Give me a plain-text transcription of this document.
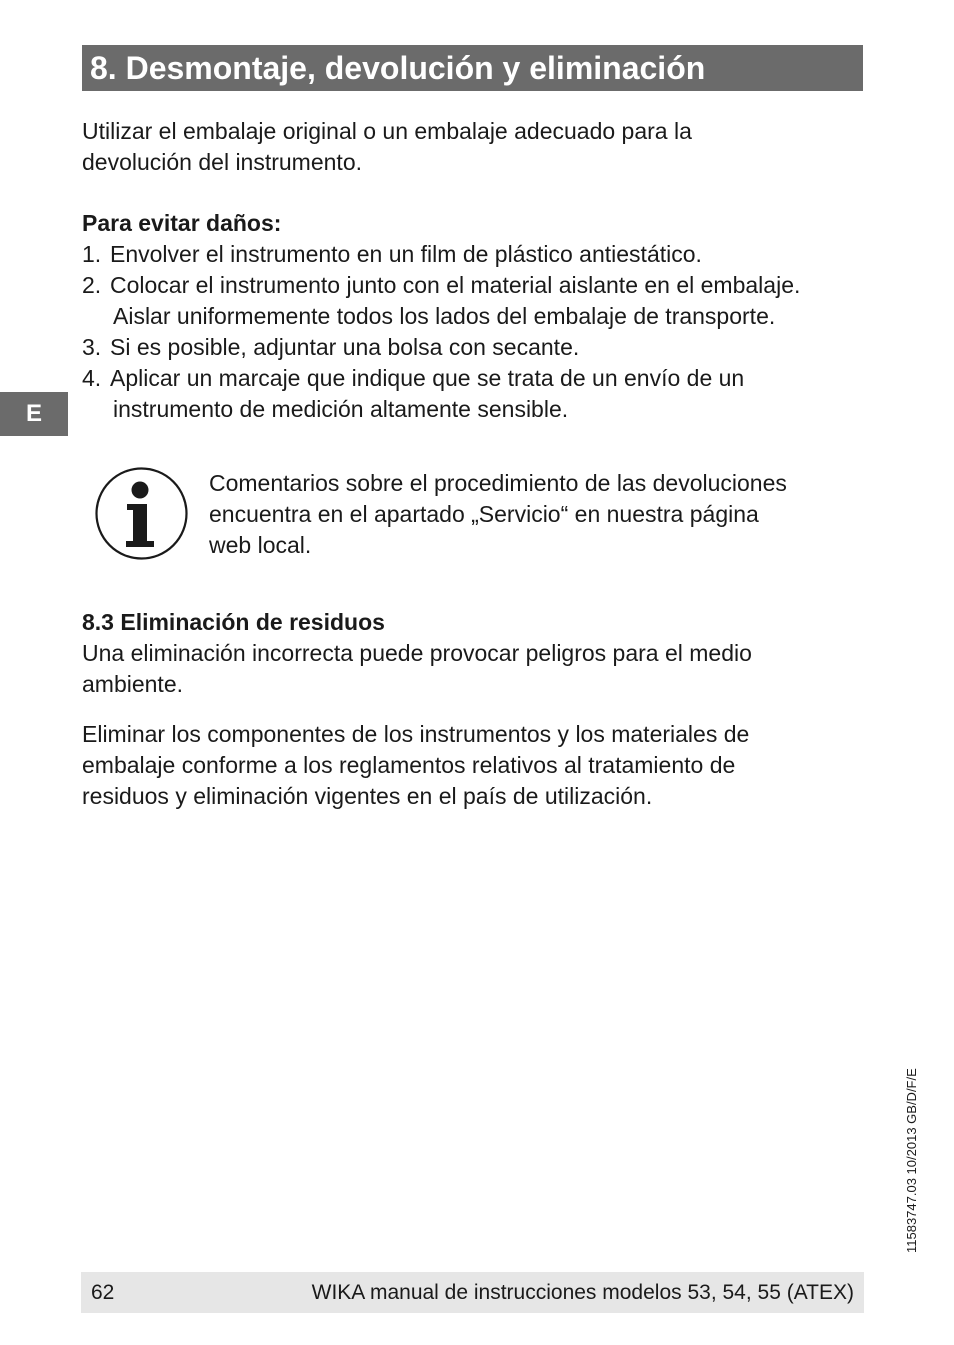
8. Desmontaje, devolución y eliminación
Utilizar el embalaje original o un embalaje adecuado para la
devolución del instrumento.
Para evitar daños:
1. Envolver el instrumento en un film de plástico antiestático.
2. Colocar el instrumento junto con el material aislante en el embalaje.
Aislar uniformemente todos los lados del embalaje de transporte.
3. Si es posible, adjuntar una bolsa con secante.
4. Aplicar un marcaje que indique que se trata de un envío de un
instrumento de medición altamente sensible.
E
Comentarios sobre el procedimiento de las devoluciones
encuentra en el apartado „Servicio“ en nuestra página
web local.
8.3 Eliminación de residuos
Una eliminación incorrecta puede provocar peligros para el medio
ambiente.
Eliminar los componentes de los instrumentos y los materiales de
embalaje conforme a los reglamentos relativos al tratamiento de
residuos y eliminación vigentes en el país de utilización.
11583747.03 10/2013 GB/D/F/E
62	WIKA manual de instrucciones modelos 53, 54, 55 (ATEX)
